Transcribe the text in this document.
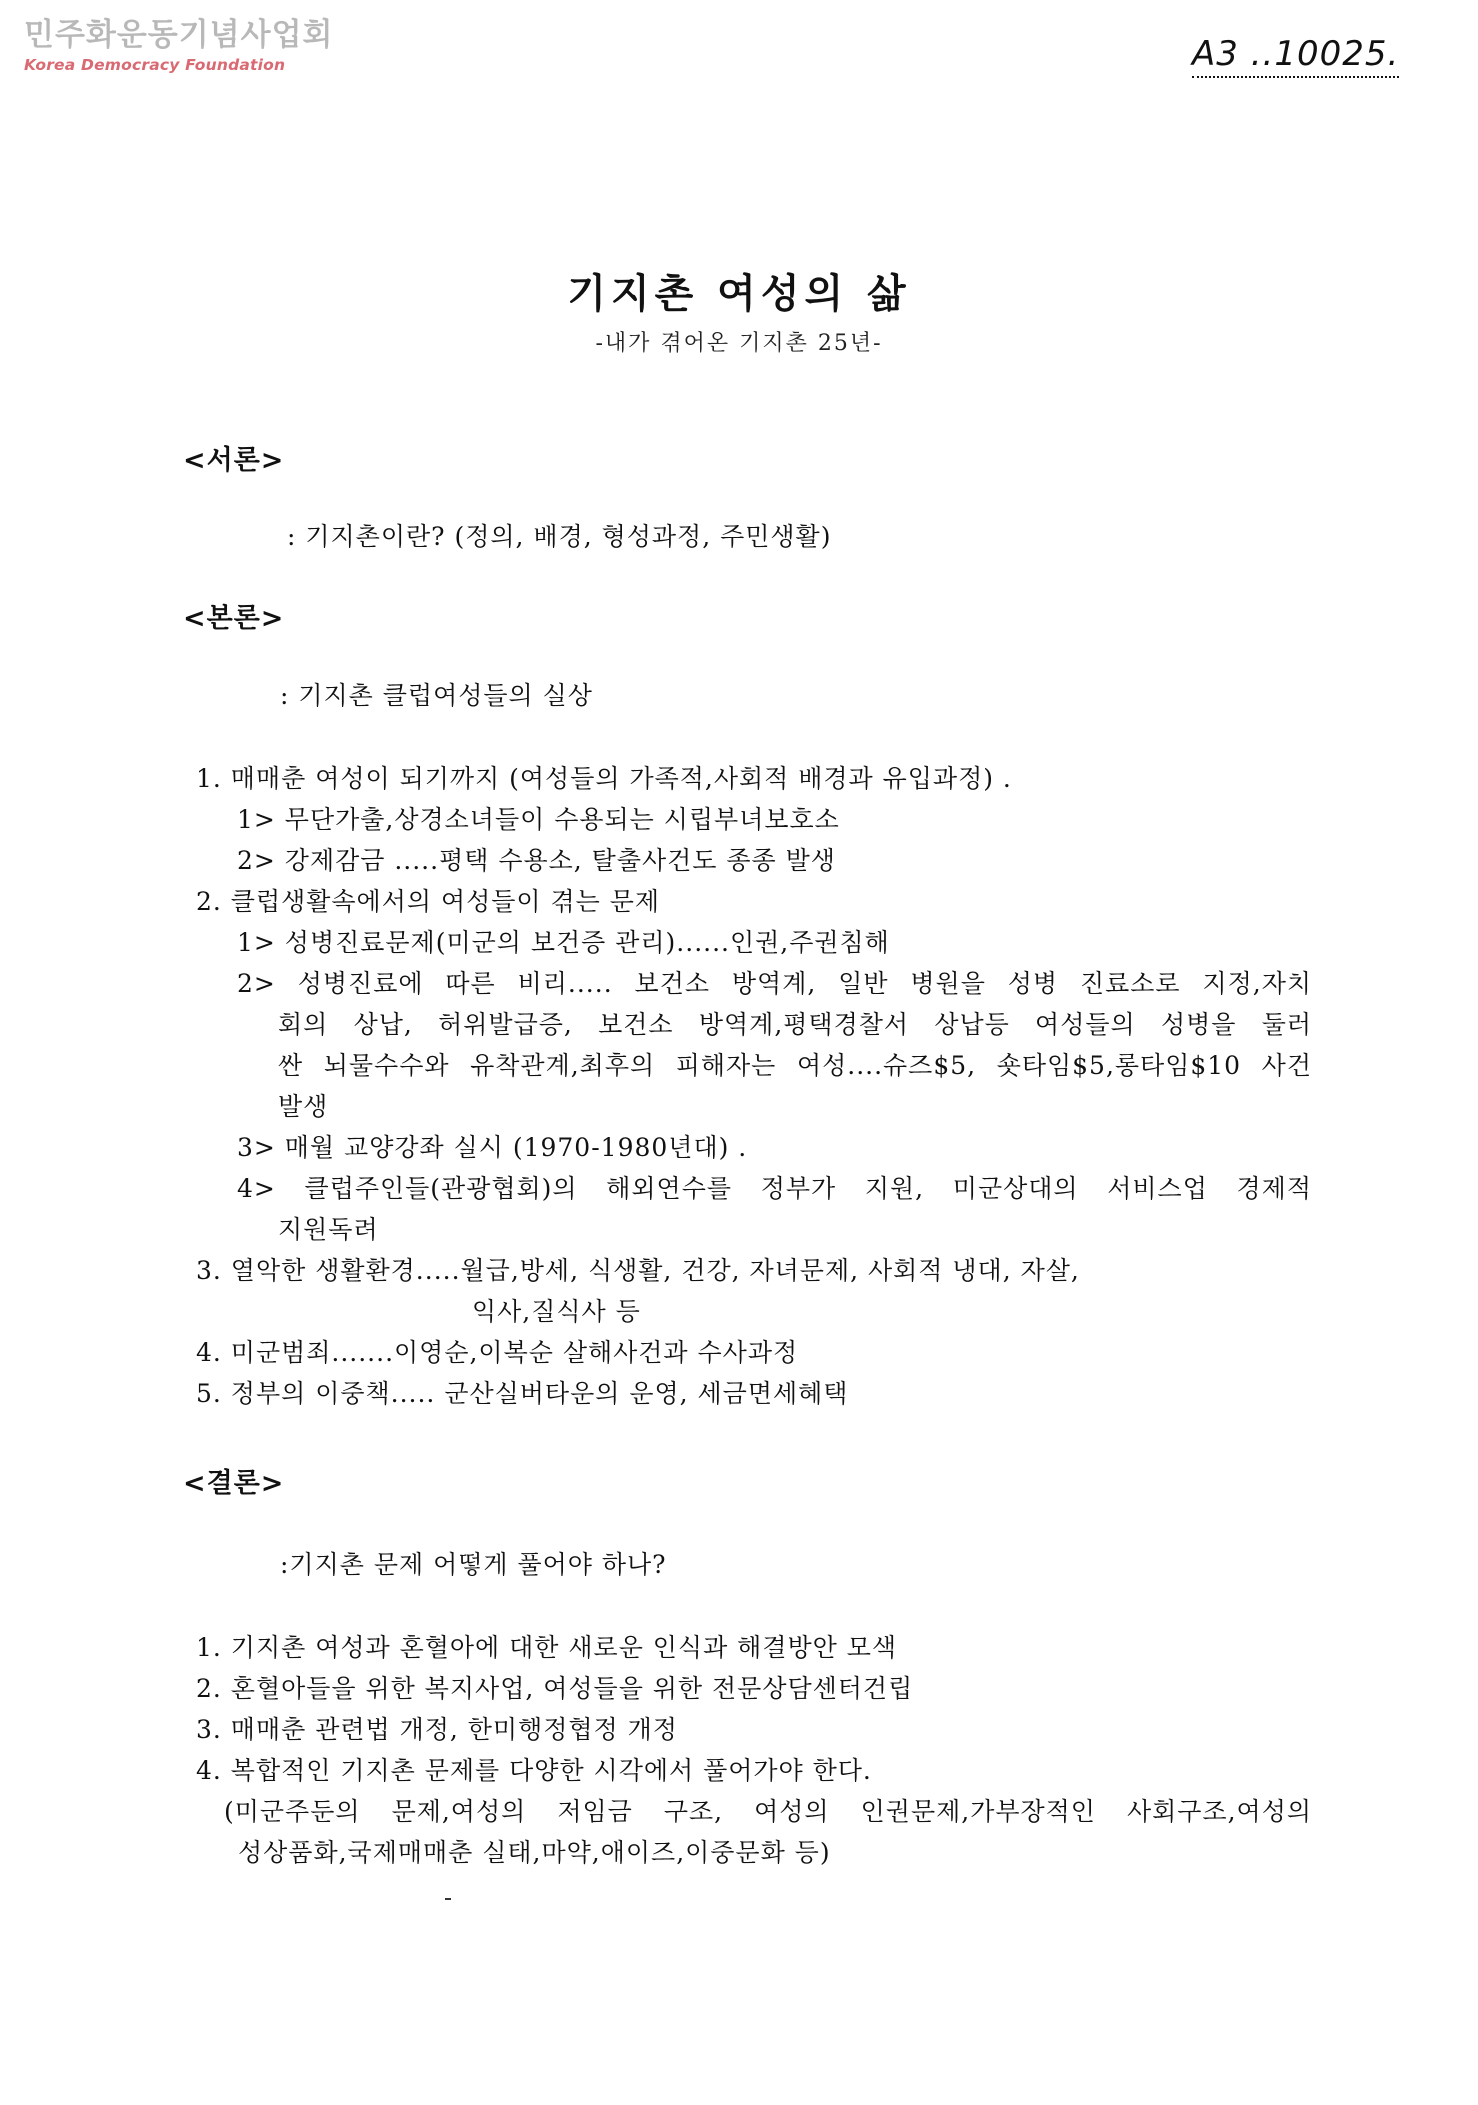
민주화운동기념사업회
Korea Democracy Foundation	A3 ..10025.
기지촌 여성의 삶
-내가 겪어온 기지촌 25년-
<서론>
: 기지촌이란? (정의, 배경, 형성과정, 주민생활)
<본론>
: 기지촌 클럽여성들의 실상
1. 매매춘 여성이 되기까지 (여성들의 가족적,사회적 배경과 유입과정) .
1> 무단가출,상경소녀들이 수용되는 시립부녀보호소
2> 강제감금 .....평택 수용소, 탈출사건도 종종 발생
2. 클럽생활속에서의 여성들이 겪는 문제
1> 성병진료문제(미군의 보건증 관리)......인권,주권침해
2> 성병진료에 따른 비리..... 보건소 방역계, 일반 병원을 성병 진료소로 지정,자치
회의 상납, 허위발급증, 보건소 방역계,평택경찰서 상납등 여성들의 성병을 둘러
싼 뇌물수수와 유착관계,최후의 피해자는 여성....슈즈$5, 숏타임$5,롱타임$10 사건
발생
3> 매월 교양강좌 실시 (1970-1980년대) .
4> 클럽주인들(관광협회)의 해외연수를 정부가 지원, 미군상대의 서비스업 경제적
지원독려
3. 열악한 생활환경.....월급,방세, 식생활, 건강, 자녀문제, 사회적 냉대, 자살,
익사,질식사 등
4. 미군범죄.......이영순,이복순 살해사건과 수사과정
5. 정부의 이중책..... 군산실버타운의 운영, 세금면세혜택
<결론>
:기지촌 문제 어떻게 풀어야 하나?
1. 기지촌 여성과 혼혈아에 대한 새로운 인식과 해결방안 모색
2. 혼혈아들을 위한 복지사업, 여성들을 위한 전문상담센터건립
3. 매매춘 관련법 개정, 한미행정협정 개정
4. 복합적인 기지촌 문제를 다양한 시각에서 풀어가야 한다.
(미군주둔의 문제,여성의 저임금 구조, 여성의 인권문제,가부장적인 사회구조,여성의
성상품화,국제매매춘 실태,마약,애이즈,이중문화 등)
